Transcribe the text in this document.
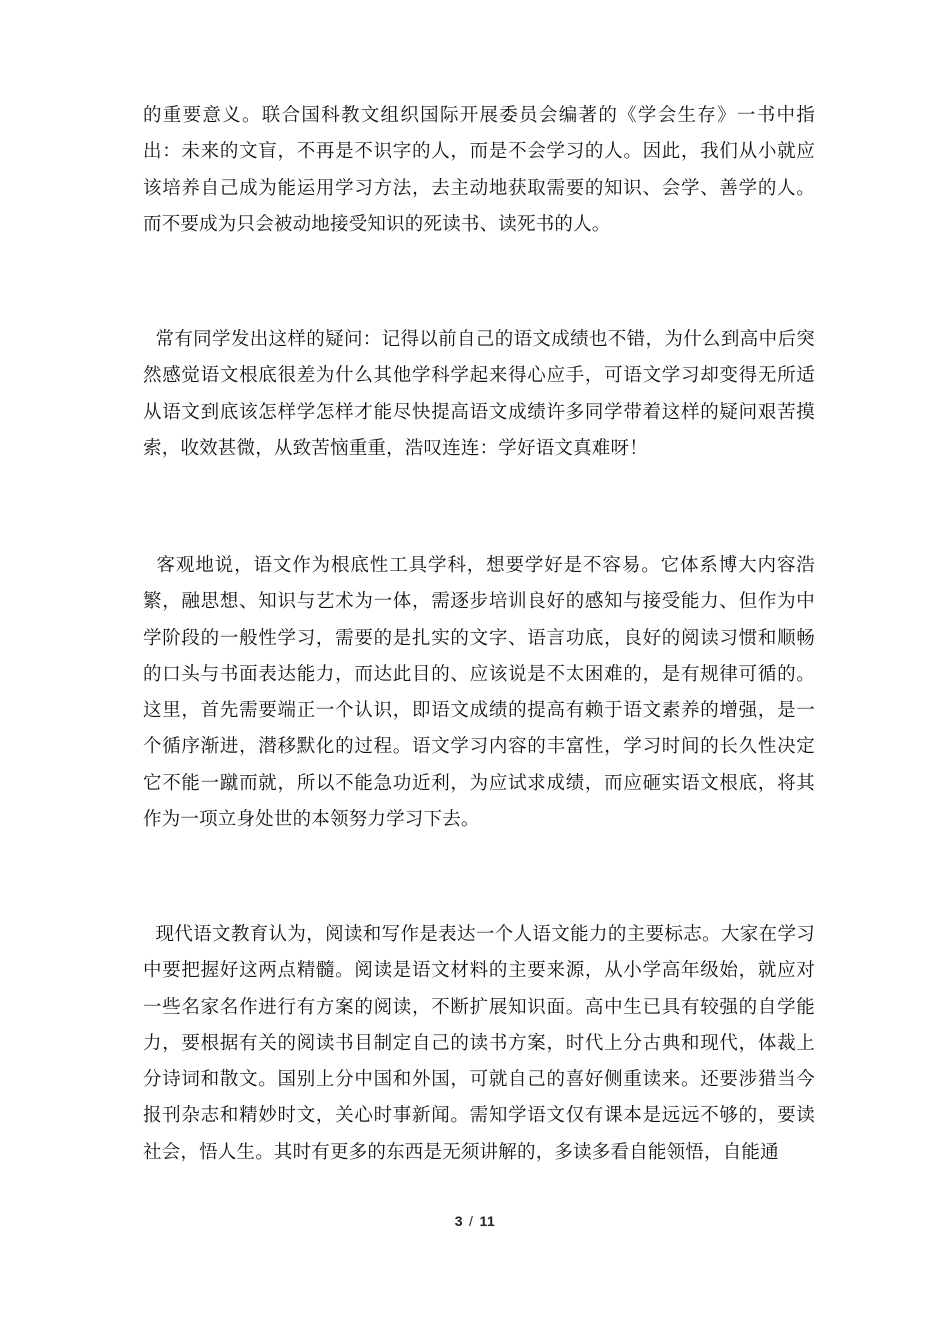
的重要意义。联合国科教文组织国际开展委员会编著的《学会生存》一书中指出：未来的文盲，不再是不识字的人，而是不会学习的人。因此，我们从小就应该培养自己成为能运用学习方法，去主动地获取需要的知识、会学、善学的人。而不要成为只会被动地接受知识的死读书、读死书的人。

常有同学发出这样的疑问：记得以前自己的语文成绩也不错，为什么到高中后突然感觉语文根底很差为什么其他学科学起来得心应手，可语文学习却变得无所适从语文到底该怎样学怎样才能尽快提高语文成绩许多同学带着这样的疑问艰苦摸索，收效甚微，从致苦恼重重，浩叹连连：学好语文真难呀！

客观地说，语文作为根底性工具学科，想要学好是不容易。它体系博大内容浩繁，融思想、知识与艺术为一体，需逐步培训良好的感知与接受能力、但作为中学阶段的一般性学习，需要的是扎实的文字、语言功底，良好的阅读习惯和顺畅的口头与书面表达能力，而达此目的、应该说是不太困难的，是有规律可循的。这里，首先需要端正一个认识，即语文成绩的提高有赖于语文素养的增强，是一个循序渐进，潜移默化的过程。语文学习内容的丰富性，学习时间的长久性决定它不能一蹴而就，所以不能急功近利，为应试求成绩，而应砸实语文根底，将其作为一项立身处世的本领努力学习下去。

现代语文教育认为，阅读和写作是表达一个人语文能力的主要标志。大家在学习中要把握好这两点精髓。阅读是语文材料的主要来源，从小学高年级始，就应对一些名家名作进行有方案的阅读，不断扩展知识面。高中生已具有较强的自学能力，要根据有关的阅读书目制定自己的读书方案，时代上分古典和现代，体裁上分诗词和散文。国别上分中国和外国，可就自己的喜好侧重读来。还要涉猎当今报刊杂志和精妙时文，关心时事新闻。需知学语文仅有课本是远远不够的，要读社会，悟人生。其时有更多的东西是无须讲解的，多读多看自能领悟，自能通

3 / 11
